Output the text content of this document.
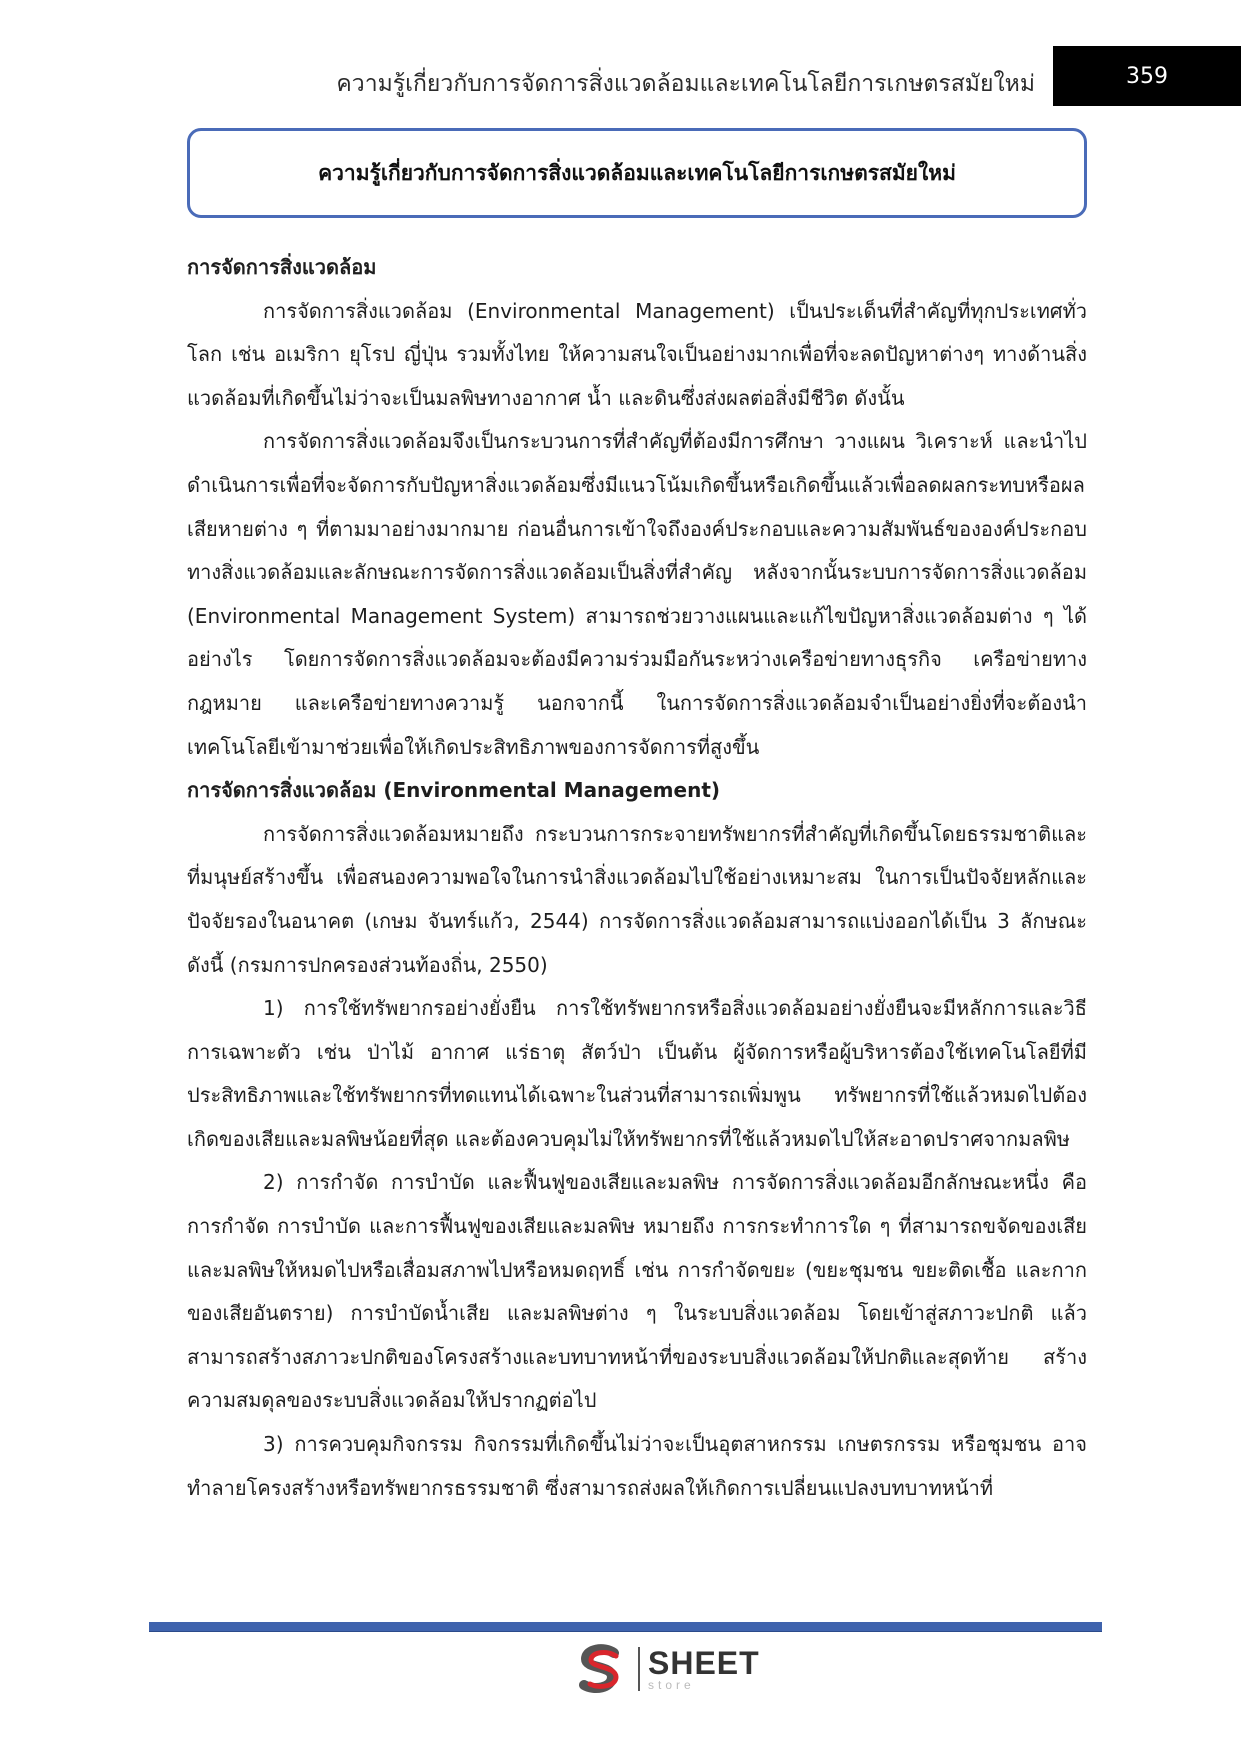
ความรู้เกี่ยวกับการจัดการสิ่งแวดล้อมและเทคโนโลยีการเกษตรสมัยใหม่	359
ความรู้เกี่ยวกับการจัดการสิ่งแวดล้อมและเทคโนโลยีการเกษตรสมัยใหม่
การจัดการสิ่งแวดล้อม

การจัดการสิ่งแวดล้อม (Environmental Management) เป็นประเด็นที่สำคัญที่ทุกประเทศทั่วโลก เช่น อเมริกา ยุโรป ญี่ปุ่น รวมทั้งไทย ให้ความสนใจเป็นอย่างมากเพื่อที่จะลดปัญหาต่างๆ ทางด้านสิ่งแวดล้อมที่เกิดขึ้นไม่ว่าจะเป็นมลพิษทางอากาศ น้ำ และดินซึ่งส่งผลต่อสิ่งมีชีวิต ดังนั้น

การจัดการสิ่งแวดล้อมจึงเป็นกระบวนการที่สำคัญที่ต้องมีการศึกษา วางแผน วิเคราะห์ และนำไปดำเนินการเพื่อที่จะจัดการกับปัญหาสิ่งแวดล้อมซึ่งมีแนวโน้มเกิดขึ้นหรือเกิดขึ้นแล้วเพื่อลดผลกระทบหรือผลเสียหายต่าง ๆ ที่ตามมาอย่างมากมาย ก่อนอื่นการเข้าใจถึงองค์ประกอบและความสัมพันธ์ขององค์ประกอบทางสิ่งแวดล้อมและลักษณะการจัดการสิ่งแวดล้อมเป็นสิ่งที่สำคัญ หลังจากนั้นระบบการจัดการสิ่งแวดล้อม (Environmental Management System) สามารถช่วยวางแผนและแก้ไขปัญหาสิ่งแวดล้อมต่าง ๆ ได้อย่างไร โดยการจัดการสิ่งแวดล้อมจะต้องมีความร่วมมือกันระหว่างเครือข่ายทางธุรกิจ เครือข่ายทางกฎหมาย และเครือข่ายทางความรู้ นอกจากนี้ ในการจัดการสิ่งแวดล้อมจำเป็นอย่างยิ่งที่จะต้องนำเทคโนโลยีเข้ามาช่วยเพื่อให้เกิดประสิทธิภาพของการจัดการที่สูงขึ้น

การจัดการสิ่งแวดล้อม (Environmental Management)

การจัดการสิ่งแวดล้อมหมายถึง กระบวนการกระจายทรัพยากรที่สำคัญที่เกิดขึ้นโดยธรรมชาติและที่มนุษย์สร้างขึ้น เพื่อสนองความพอใจในการนำสิ่งแวดล้อมไปใช้อย่างเหมาะสม ในการเป็นปัจจัยหลักและปัจจัยรองในอนาคต (เกษม จันทร์แก้ว, 2544) การจัดการสิ่งแวดล้อมสามารถแบ่งออกได้เป็น 3 ลักษณะ ดังนี้ (กรมการปกครองส่วนท้องถิ่น, 2550)

1) การใช้ทรัพยากรอย่างยั่งยืน การใช้ทรัพยากรหรือสิ่งแวดล้อมอย่างยั่งยืนจะมีหลักการและวิธีการเฉพาะตัว เช่น ป่าไม้ อากาศ แร่ธาตุ สัตว์ป่า เป็นต้น ผู้จัดการหรือผู้บริหารต้องใช้เทคโนโลยีที่มีประสิทธิภาพและใช้ทรัพยากรที่ทดแทนได้เฉพาะในส่วนที่สามารถเพิ่มพูน ทรัพยากรที่ใช้แล้วหมดไปต้องเกิดของเสียและมลพิษน้อยที่สุด และต้องควบคุมไม่ให้ทรัพยากรที่ใช้แล้วหมดไปให้สะอาดปราศจากมลพิษ

2) การกำจัด การบำบัด และฟื้นฟูของเสียและมลพิษ การจัดการสิ่งแวดล้อมอีกลักษณะหนึ่ง คือ การกำจัด การบำบัด และการฟื้นฟูของเสียและมลพิษ หมายถึง การกระทำการใด ๆ ที่สามารถขจัดของเสียและมลพิษให้หมดไปหรือเสื่อมสภาพไปหรือหมดฤทธิ์ เช่น การกำจัดขยะ (ขยะชุมชน ขยะติดเชื้อ และกากของเสียอันตราย) การบำบัดน้ำเสีย และมลพิษต่าง ๆ ในระบบสิ่งแวดล้อม โดยเข้าสู่สภาวะปกติ แล้วสามารถสร้างสภาวะปกติของโครงสร้างและบทบาทหน้าที่ของระบบสิ่งแวดล้อมให้ปกติและสุดท้าย สร้างความสมดุลของระบบสิ่งแวดล้อมให้ปรากฏต่อไป

3) การควบคุมกิจกรรม กิจกรรมที่เกิดขึ้นไม่ว่าจะเป็นอุตสาหกรรม เกษตรกรรม หรือชุมชน อาจทำลายโครงสร้างหรือทรัพยากรธรรมชาติ ซึ่งสามารถส่งผลให้เกิดการเปลี่ยนแปลงบทบาทหน้าที่

SHEET
store
